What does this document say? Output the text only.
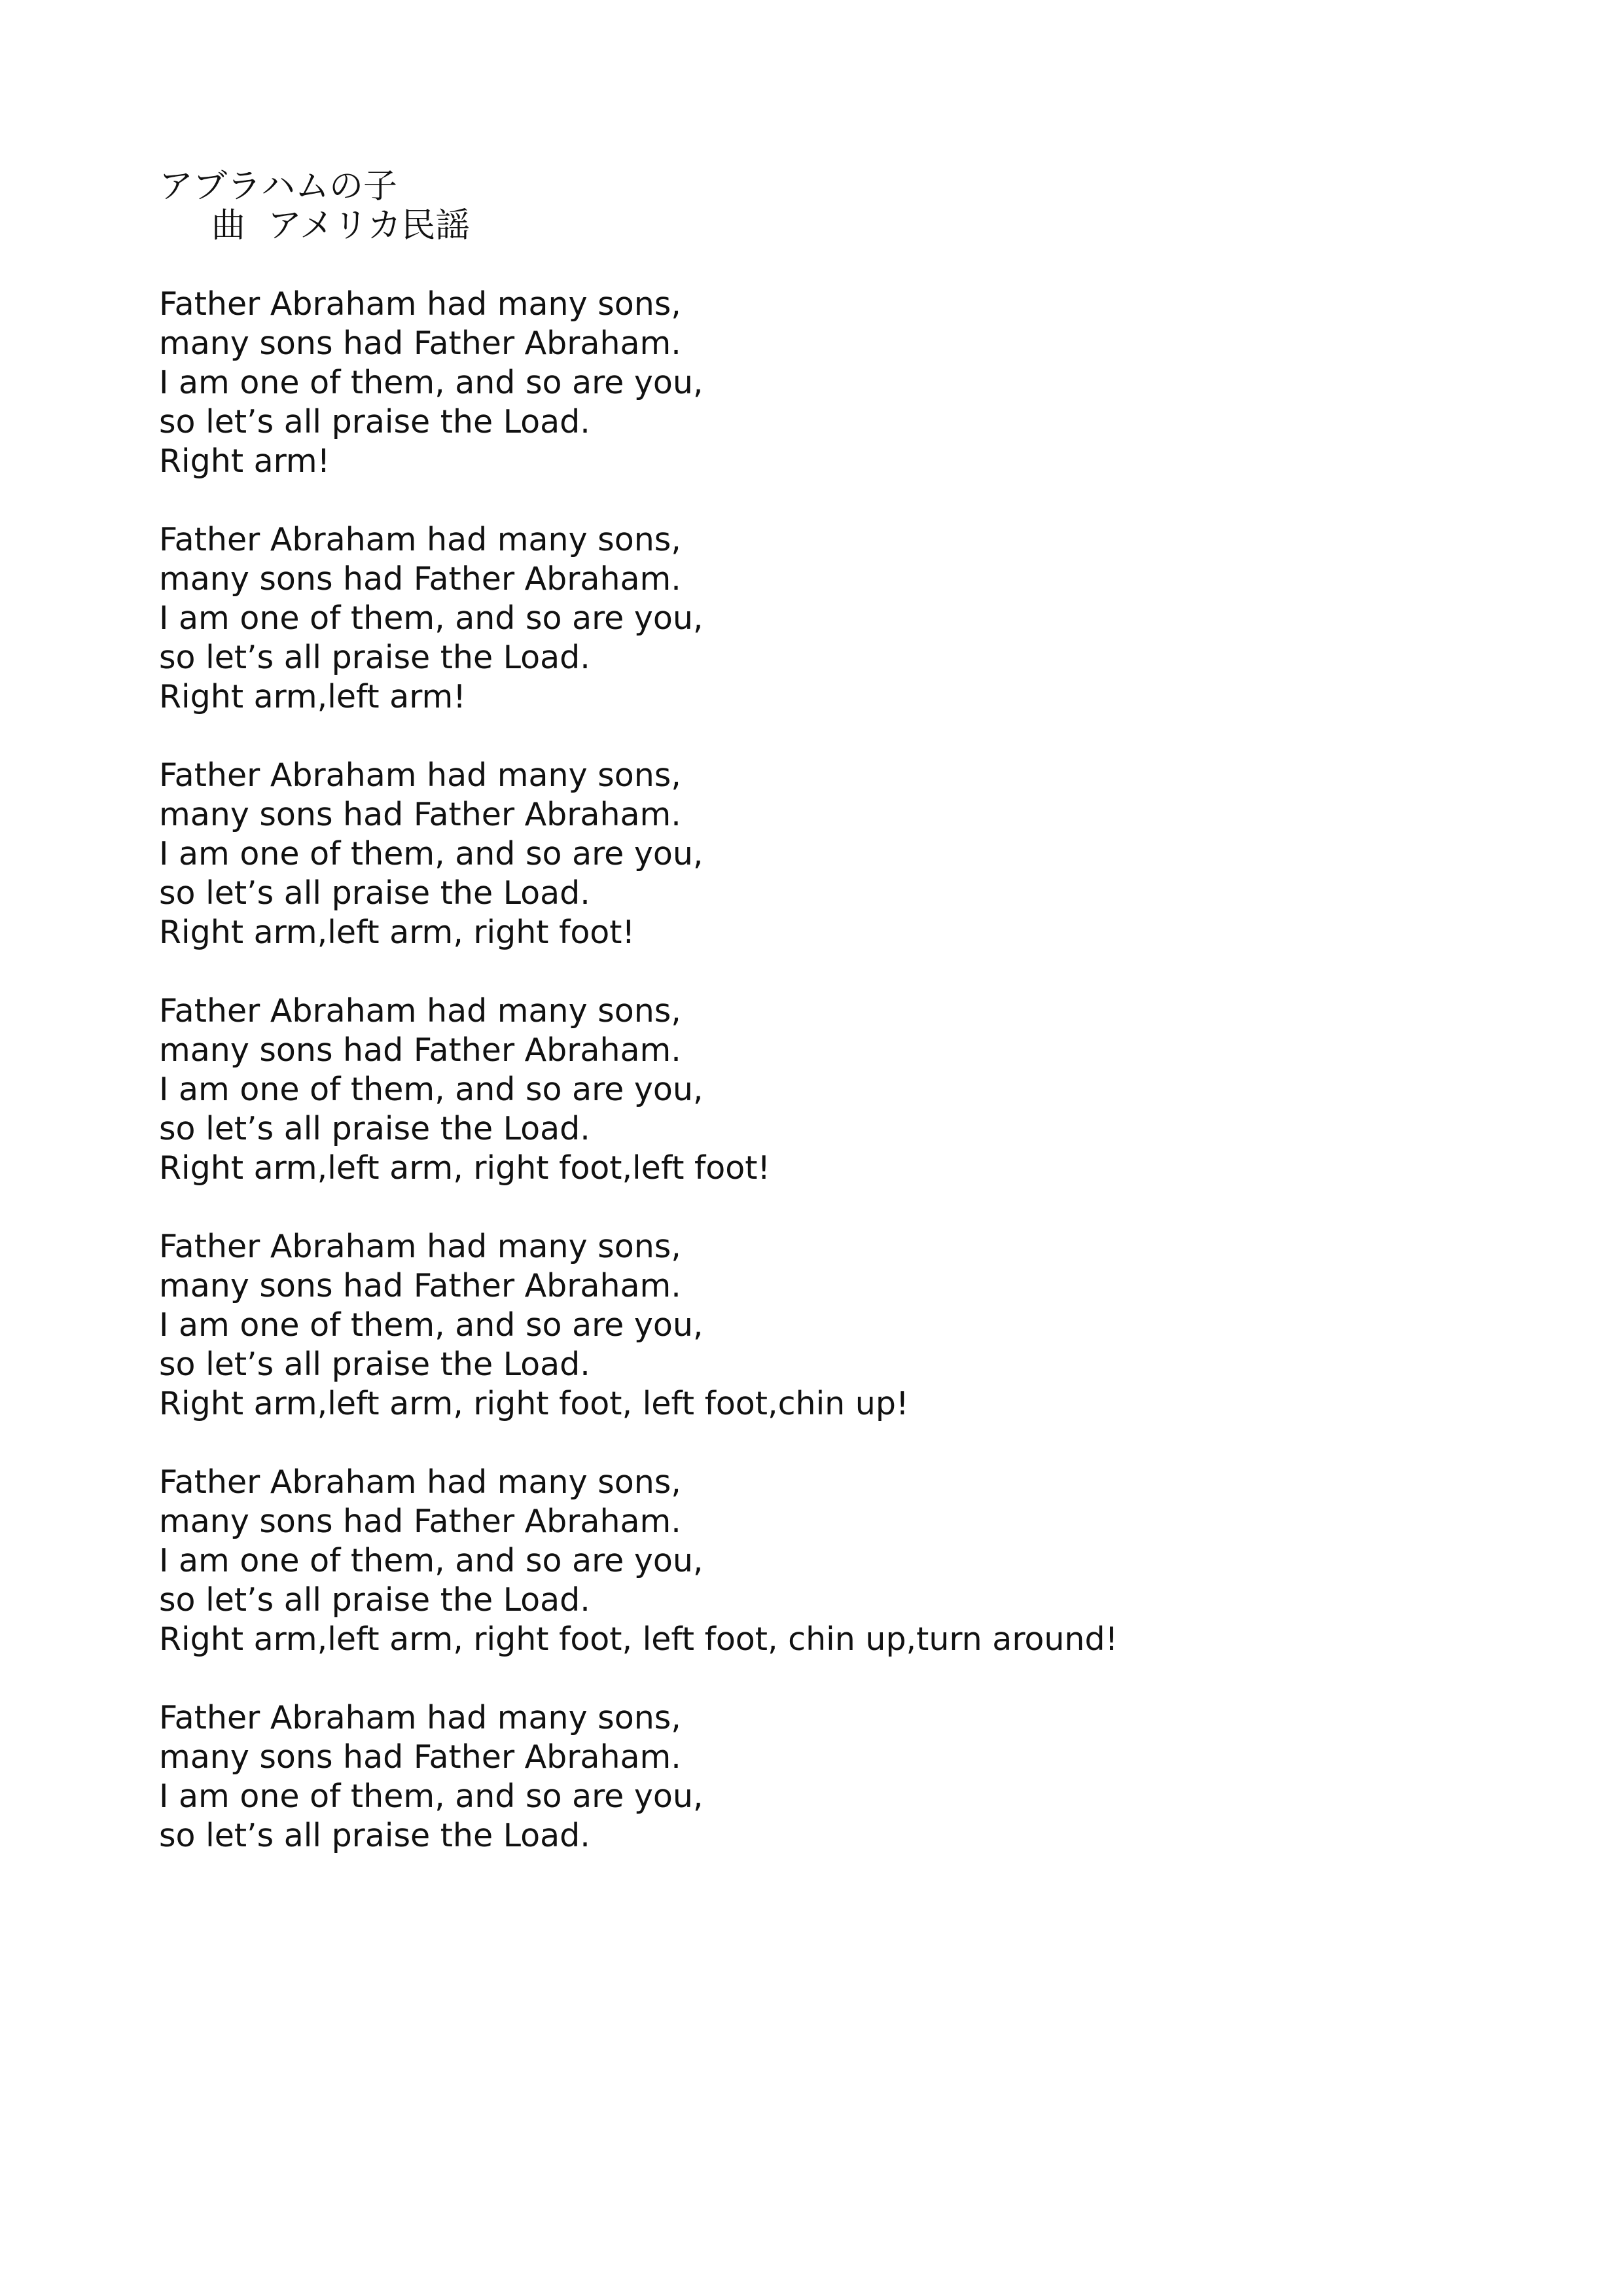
アブラハムの子

曲 アメリカ民謡

Father Abraham had many sons,

many sons had Father Abraham.

I am one of them, and so are you,

so let’s all praise the Load.

Right arm!

Father Abraham had many sons,

many sons had Father Abraham.

I am one of them, and so are you,

so let’s all praise the Load.

Right arm,left arm!

Father Abraham had many sons,

many sons had Father Abraham.

I am one of them, and so are you,

so let’s all praise the Load.

Right arm,left arm, right foot!

Father Abraham had many sons,

many sons had Father Abraham.

I am one of them, and so are you,

so let’s all praise the Load.

Right arm,left arm, right foot,left foot!

Father Abraham had many sons,

many sons had Father Abraham.

I am one of them, and so are you,

so let’s all praise the Load.

Right arm,left arm, right foot, left foot,chin up!

Father Abraham had many sons,

many sons had Father Abraham.

I am one of them, and so are you,

so let’s all praise the Load.

Right arm,left arm, right foot, left foot, chin up,turn around!

Father Abraham had many sons,

many sons had Father Abraham.

I am one of them, and so are you,

so let’s all praise the Load.
